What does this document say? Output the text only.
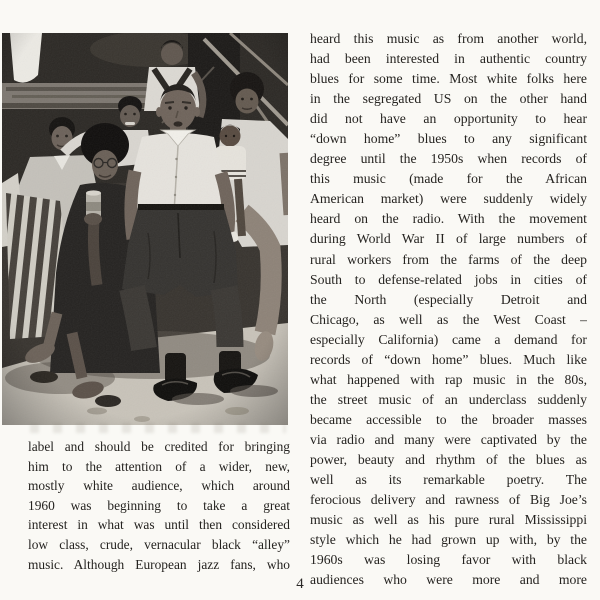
heard this music as from another world,
had been interested in authentic country
blues for some time. Most white folks here
in the segregated US on the other hand
did not have an opportunity to hear
“down home” blues to any significant
degree until the 1950s when records of
this music (made for the African
American market) were suddenly widely
heard on the radio. With the movement
during World War II of large numbers of
rural workers from the farms of the deep
South to defense-related jobs in cities of
the North (especially Detroit and
Chicago, as well as the West Coast –
especially California) came a demand for
records of “down home” blues. Much like
what happened with rap music in the 80s,
the street music of an underclass suddenly
became accessible to the broader masses
via radio and many were captivated by the
power, beauty and rhythm of the blues as
well as its remarkable poetry. The
ferocious delivery and rawness of Big Joe’s
music as well as his pure rural Mississippi
style which he had grown up with, by the
1960s was losing favor with black
audiences who were more and more
label and should be credited for bringing
him to the attention of a wider, new,
mostly white audience, which around
1960 was beginning to take a great
interest in what was until then considered
low class, crude, vernacular black “alley”
music. Although European jazz fans, who
4
